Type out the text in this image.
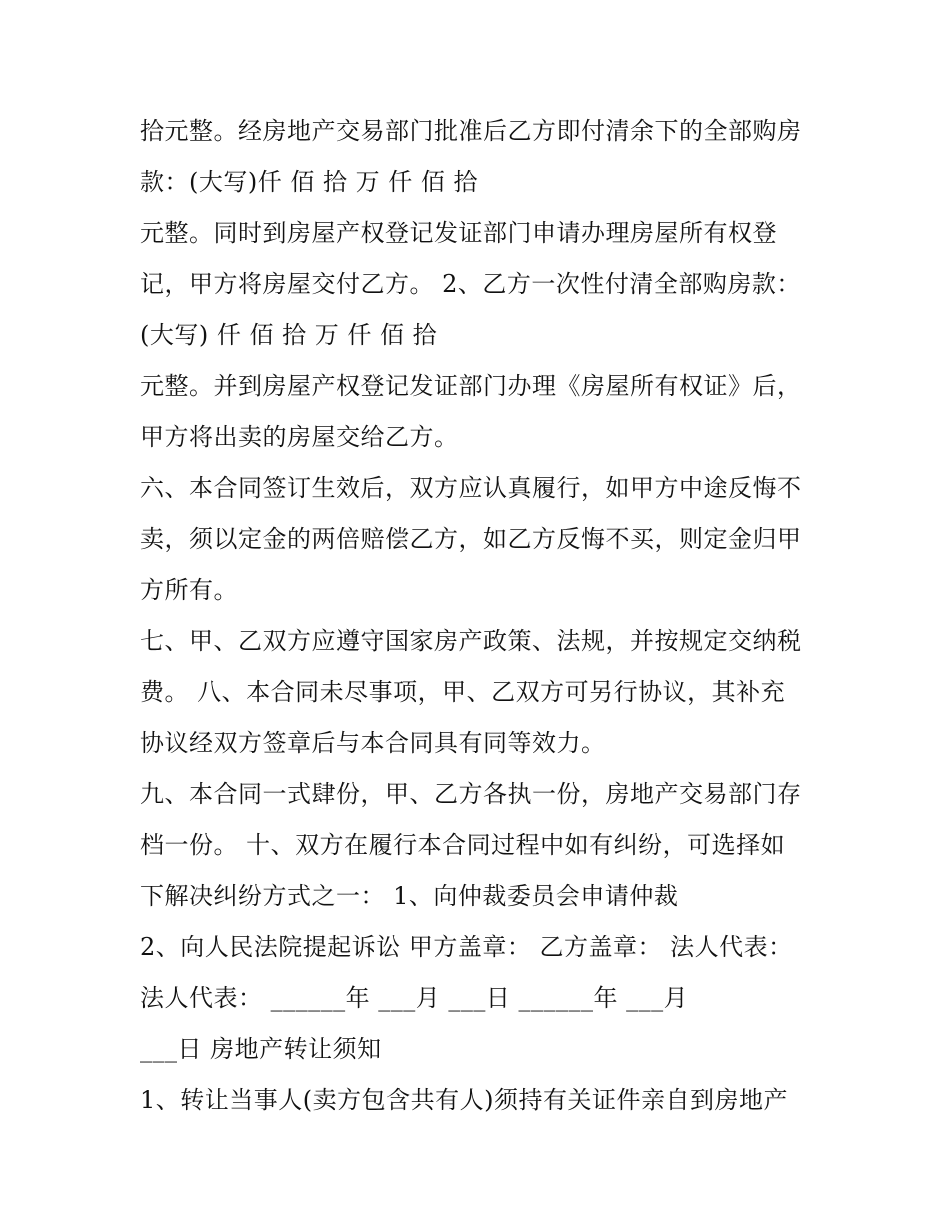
拾元整。经房地产交易部门批准后乙方即付清余下的全部购房
款：(大写)仟 佰 拾 万 仟 佰 拾
元整。同时到房屋产权登记发证部门申请办理房屋所有权登
记，甲方将房屋交付乙方。 2、乙方一次性付清全部购房款：
(大写) 仟 佰 拾 万 仟 佰 拾
元整。并到房屋产权登记发证部门办理《房屋所有权证》后，
甲方将出卖的房屋交给乙方。
六、本合同签订生效后，双方应认真履行，如甲方中途反悔不
卖，须以定金的两倍赔偿乙方，如乙方反悔不买，则定金归甲
方所有。
七、甲、乙双方应遵守国家房产政策、法规，并按规定交纳税
费。 八、本合同未尽事项，甲、乙双方可另行协议，其补充
协议经双方签章后与本合同具有同等效力。
九、本合同一式肆份，甲、乙方各执一份，房地产交易部门存
档一份。 十、双方在履行本合同过程中如有纠纷，可选择如
下解决纠纷方式之一： 1、向仲裁委员会申请仲裁
2、向人民法院提起诉讼 甲方盖章： 乙方盖章： 法人代表：
法人代表： ______年 ___月 ___日 ______年 ___月
___日 房地产转让须知
1、转让当事人(卖方包含共有人)须持有关证件亲自到房地产
